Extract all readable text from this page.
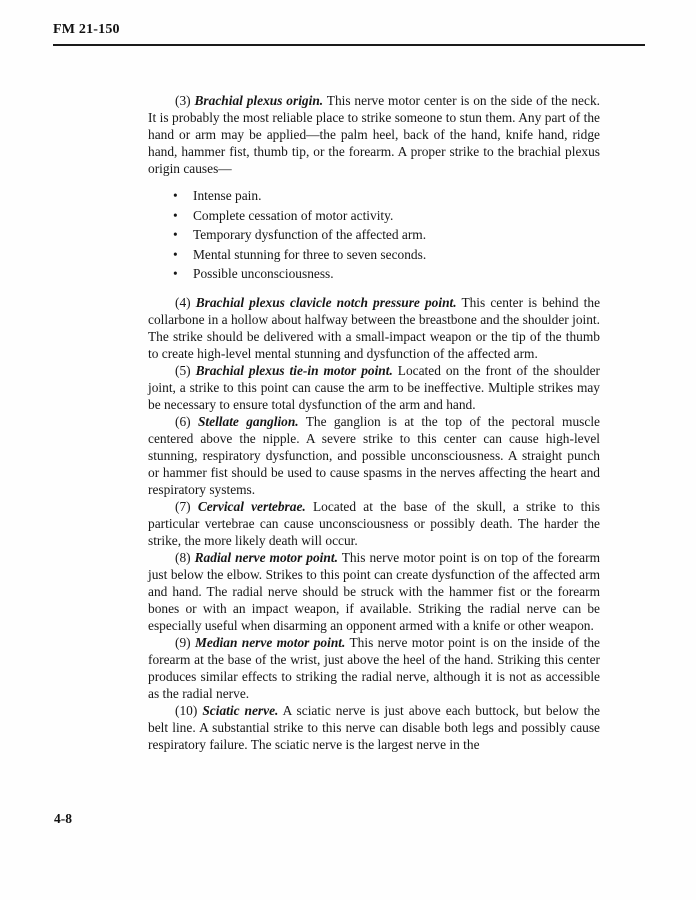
FM 21-150

(3) Brachial plexus origin. This nerve motor center is on the side of the neck. It is probably the most reliable place to strike someone to stun them. Any part of the hand or arm may be applied—the palm heel, back of the hand, knife hand, ridge hand, hammer fist, thumb tip, or the forearm. A proper strike to the brachial plexus origin causes—

•	Intense pain.
•	Complete cessation of motor activity.
•	Temporary dysfunction of the affected arm.
•	Mental stunning for three to seven seconds.
•	Possible unconsciousness.

(4) Brachial plexus clavicle notch pressure point. This center is behind the collarbone in a hollow about halfway between the breastbone and the shoulder joint. The strike should be delivered with a small-impact weapon or the tip of the thumb to create high-level mental stunning and dysfunction of the affected arm.

(5) Brachial plexus tie-in motor point. Located on the front of the shoulder joint, a strike to this point can cause the arm to be ineffective. Multiple strikes may be necessary to ensure total dysfunction of the arm and hand.

(6) Stellate ganglion. The ganglion is at the top of the pectoral muscle centered above the nipple. A severe strike to this center can cause high-level stunning, respiratory dysfunction, and possible unconsciousness. A straight punch or hammer fist should be used to cause spasms in the nerves affecting the heart and respiratory systems.

(7) Cervical vertebrae. Located at the base of the skull, a strike to this particular vertebrae can cause unconsciousness or possibly death. The harder the strike, the more likely death will occur.

(8) Radial nerve motor point. This nerve motor point is on top of the forearm just below the elbow. Strikes to this point can create dysfunction of the affected arm and hand. The radial nerve should be struck with the hammer fist or the forearm bones or with an impact weapon, if available. Striking the radial nerve can be especially useful when disarming an opponent armed with a knife or other weapon.

(9) Median nerve motor point. This nerve motor point is on the inside of the forearm at the base of the wrist, just above the heel of the hand. Striking this center produces similar effects to striking the radial nerve, although it is not as accessible as the radial nerve.

(10) Sciatic nerve. A sciatic nerve is just above each buttock, but below the belt line. A substantial strike to this nerve can disable both legs and possibly cause respiratory failure. The sciatic nerve is the largest nerve in the

4-8
